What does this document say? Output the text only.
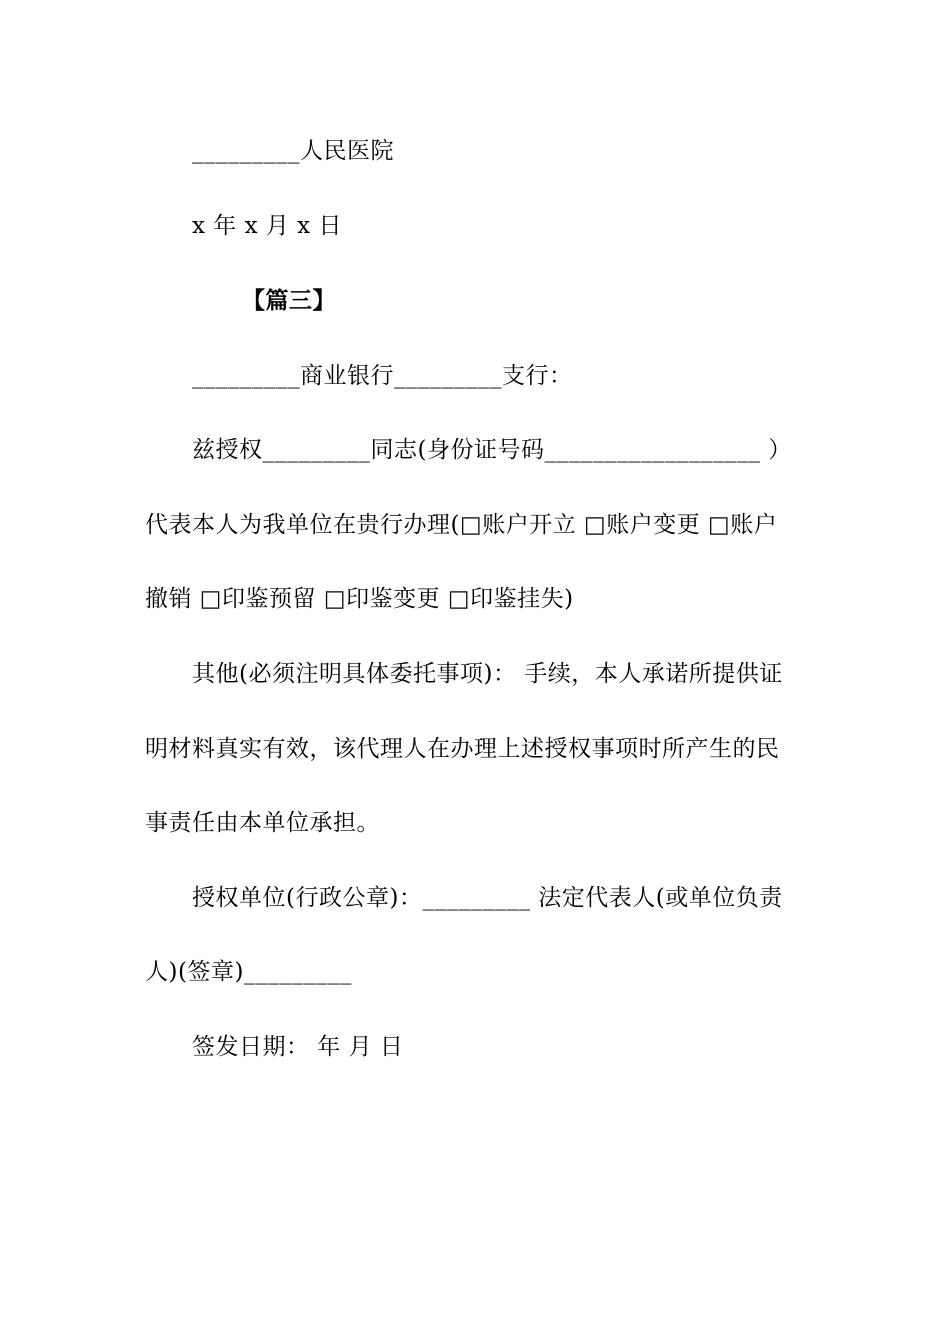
_________人民医院
x 年 x 月 x 日
【篇三】
_________商业银行_________支行：
兹授权_________同志(身份证号码__________________ ）
代表本人为我单位在贵行办理(□账户开立 □账户变更 □账户
撤销 □印鉴预留 □印鉴变更 □印鉴挂失)
其他(必须注明具体委托事项)： 手续，本人承诺所提供证
明材料真实有效，该代理人在办理上述授权事项时所产生的民
事责任由本单位承担。
授权单位(行政公章)：_________ 法定代表人(或单位负责
人)(签章)_________
签发日期： 年 月 日
